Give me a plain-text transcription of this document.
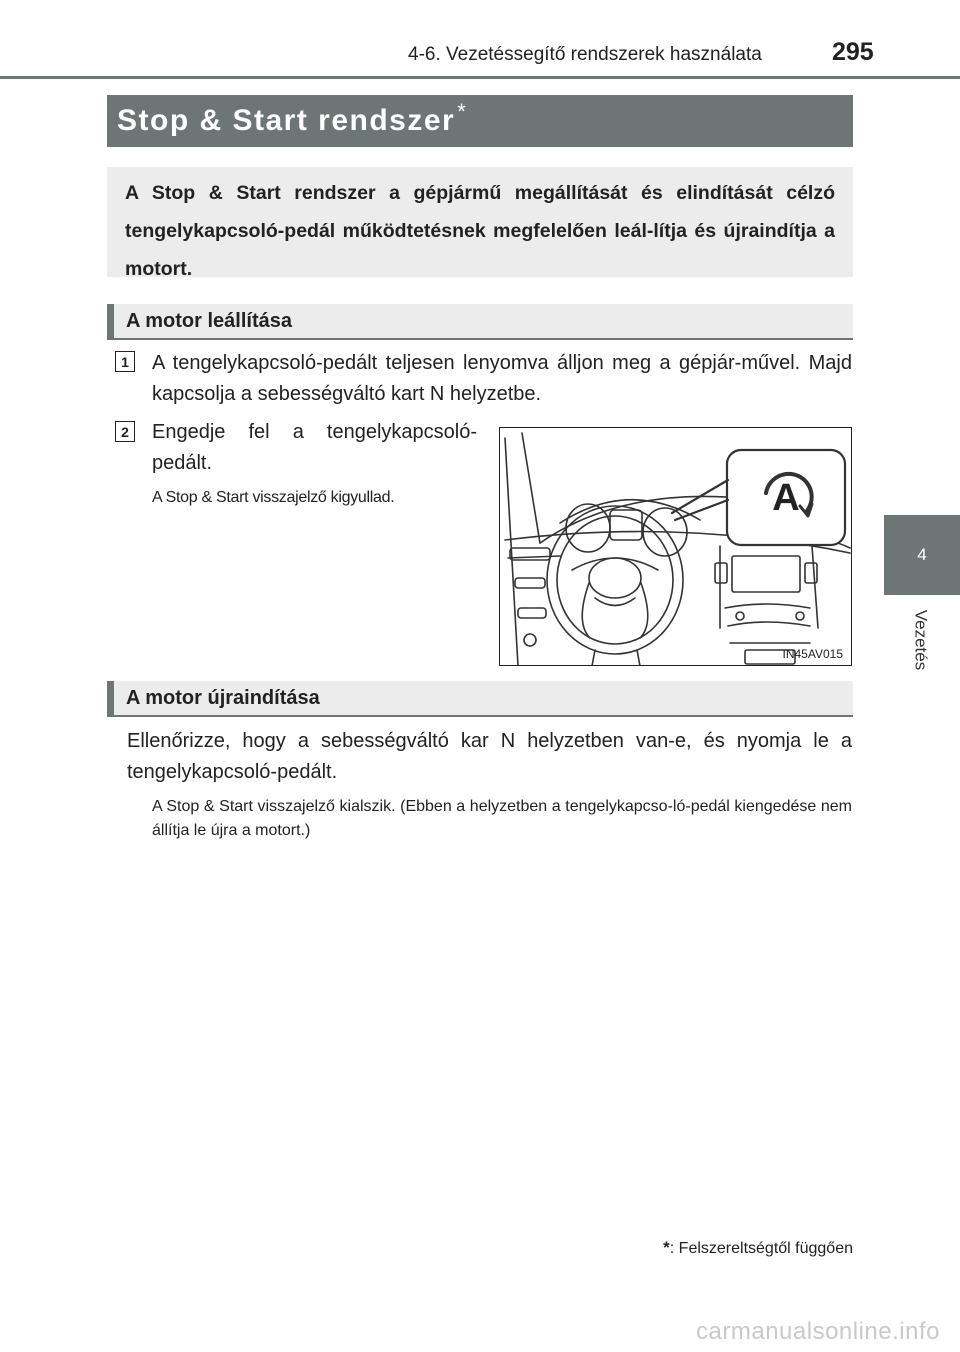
4-6. Vezetéssegítő rendszerek használata	295
4
Vezetés
Stop & Start rendszer *
A Stop & Start rendszer a gépjármű megállítását és elindítását célzó tengelykapcsoló-pedál működtetésnek megfelelően leál-lítja és újraindítja a motort.
A motor leállítása
1	A tengelykapcsoló-pedált teljesen lenyomva álljon meg a gépjár-művel. Majd kapcsolja a sebességváltó kart N helyzetbe.
2	Engedje fel a tengelykapcsoló-pedált.
A Stop & Start visszajelző kigyullad.	A
IN45AV015
A motor újraindítása
Ellenőrizze, hogy a sebességváltó kar N helyzetben van-e, és nyomja le a tengelykapcsoló-pedált.
A Stop & Start visszajelző kialszik. (Ebben a helyzetben a tengelykapcso-ló-pedál kiengedése nem állítja le újra a motort.)
*: Felszereltségtől függően
carmanualsonline.info
